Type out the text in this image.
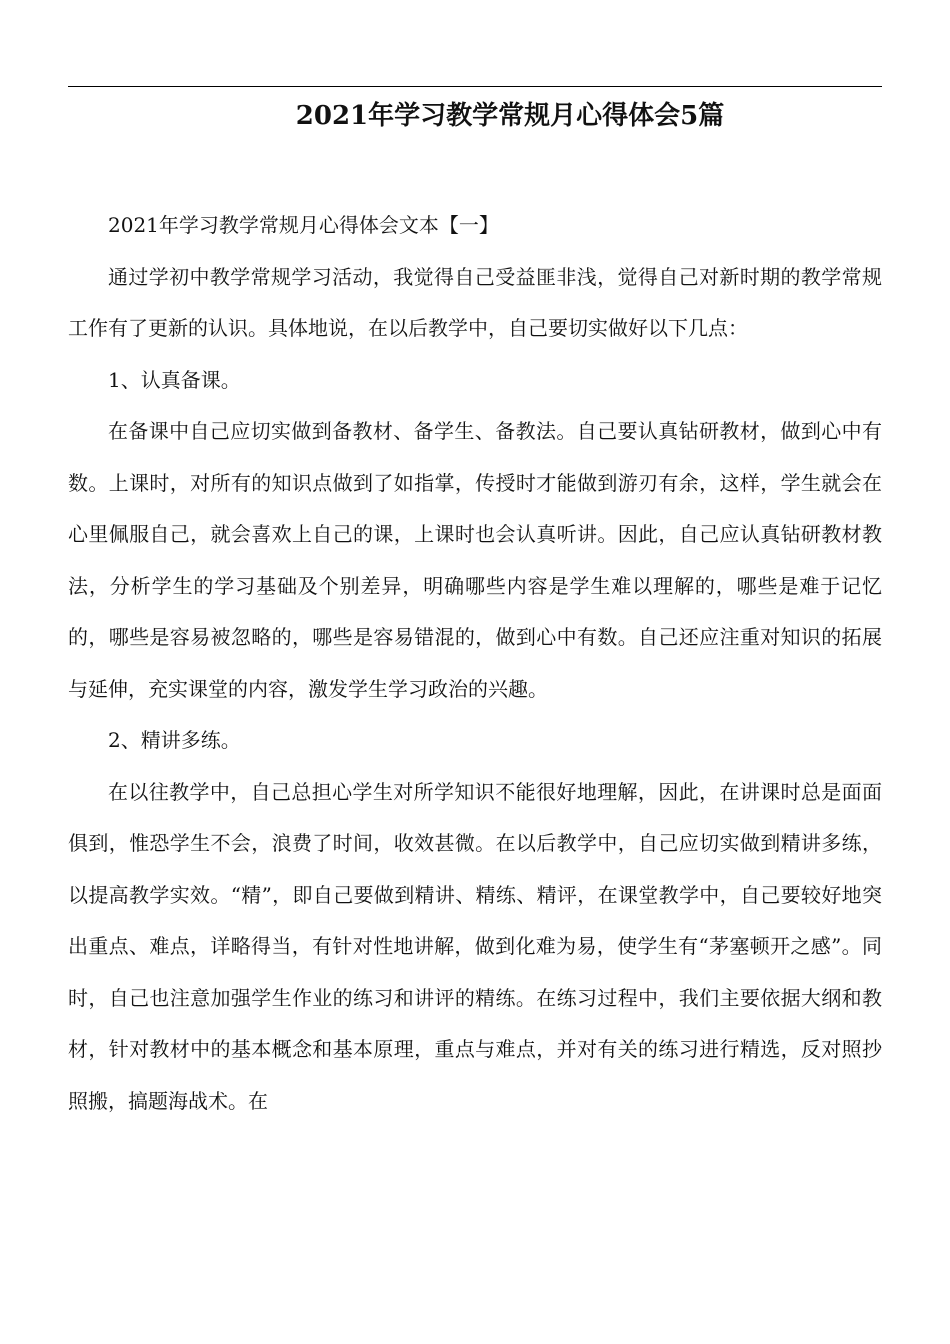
2021年学习教学常规月心得体会5篇

2021年学习教学常规月心得体会文本【一】

通过学初中教学常规学习活动，我觉得自己受益匪非浅，觉得自己对新时期的教学常规工作有了更新的认识。具体地说，在以后教学中，自己要切实做好以下几点：

1、认真备课。

在备课中自己应切实做到备教材、备学生、备教法。自己要认真钻研教材，做到心中有数。上课时，对所有的知识点做到了如指掌，传授时才能做到游刃有余，这样，学生就会在心里佩服自己，就会喜欢上自己的课，上课时也会认真听讲。因此，自己应认真钻研教材教法，分析学生的学习基础及个别差异，明确哪些内容是学生难以理解的，哪些是难于记忆的，哪些是容易被忽略的，哪些是容易错混的，做到心中有数。自己还应注重对知识的拓展与延伸，充实课堂的内容，激发学生学习政治的兴趣。

2、精讲多练。

在以往教学中，自己总担心学生对所学知识不能很好地理解，因此，在讲课时总是面面俱到，惟恐学生不会，浪费了时间，收效甚微。在以后教学中，自己应切实做到精讲多练，以提高教学实效。“精”，即自己要做到精讲、精练、精评，在课堂教学中，自己要较好地突出重点、难点，详略得当，有针对性地讲解，做到化难为易，使学生有“茅塞顿开之感”。同时，自己也注意加强学生作业的练习和讲评的精练。在练习过程中，我们主要依据大纲和教材，针对教材中的基本概念和基本原理，重点与难点，并对有关的练习进行精选，反对照抄照搬，搞题海战术。在
